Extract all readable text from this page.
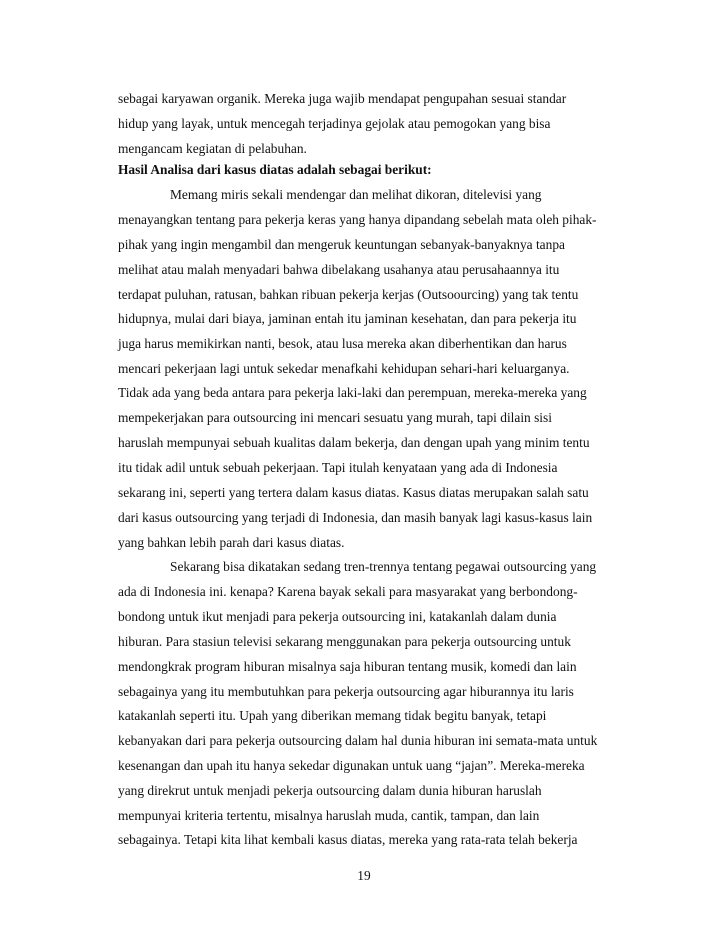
sebagai karyawan organik. Mereka juga wajib mendapat pengupahan sesuai standar
hidup yang layak, untuk mencegah terjadinya gejolak atau pemogokan yang bisa
mengancam kegiatan di pelabuhan.
Hasil Analisa dari kasus diatas adalah sebagai berikut:
Memang miris sekali mendengar dan melihat dikoran, ditelevisi yang
menayangkan tentang para pekerja keras yang hanya dipandang sebelah mata oleh pihak-
pihak yang ingin mengambil dan mengeruk keuntungan sebanyak-banyaknya tanpa
melihat atau malah menyadari bahwa dibelakang usahanya atau perusahaannya itu
terdapat puluhan, ratusan, bahkan ribuan pekerja kerjas (Outsoourcing) yang tak tentu
hidupnya, mulai dari biaya, jaminan entah itu jaminan kesehatan, dan para pekerja itu
juga harus memikirkan nanti, besok, atau lusa mereka akan diberhentikan dan harus
mencari pekerjaan lagi untuk sekedar menafkahi kehidupan sehari-hari keluarganya.
Tidak ada yang beda antara para pekerja laki-laki dan perempuan, mereka-mereka yang
mempekerjakan para outsourcing ini mencari sesuatu yang murah, tapi dilain sisi
haruslah mempunyai sebuah kualitas dalam bekerja, dan dengan upah yang minim tentu
itu tidak adil untuk sebuah pekerjaan. Tapi itulah kenyataan yang ada di Indonesia
sekarang ini, seperti yang tertera dalam kasus diatas. Kasus diatas merupakan salah satu
dari kasus outsourcing yang terjadi di Indonesia, dan masih banyak lagi kasus-kasus lain
yang bahkan lebih parah dari kasus diatas.
Sekarang bisa dikatakan sedang tren-trennya tentang pegawai outsourcing yang
ada di Indonesia ini. kenapa? Karena bayak sekali para masyarakat yang berbondong-
bondong untuk ikut menjadi para pekerja outsourcing ini, katakanlah dalam dunia
hiburan. Para stasiun televisi sekarang menggunakan para pekerja outsourcing untuk
mendongkrak program hiburan misalnya saja hiburan tentang musik, komedi dan lain
sebagainya yang itu membutuhkan para pekerja outsourcing agar hiburannya itu laris
katakanlah seperti itu. Upah yang diberikan memang tidak begitu banyak, tetapi
kebanyakan dari para pekerja outsourcing dalam hal dunia hiburan ini semata-mata untuk
kesenangan dan upah itu hanya sekedar digunakan untuk uang “jajan”. Mereka-mereka
yang direkrut untuk menjadi pekerja outsourcing dalam dunia hiburan haruslah
mempunyai kriteria tertentu, misalnya haruslah muda, cantik, tampan, dan lain
sebagainya. Tetapi kita lihat kembali kasus diatas, mereka yang rata-rata telah bekerja
19
